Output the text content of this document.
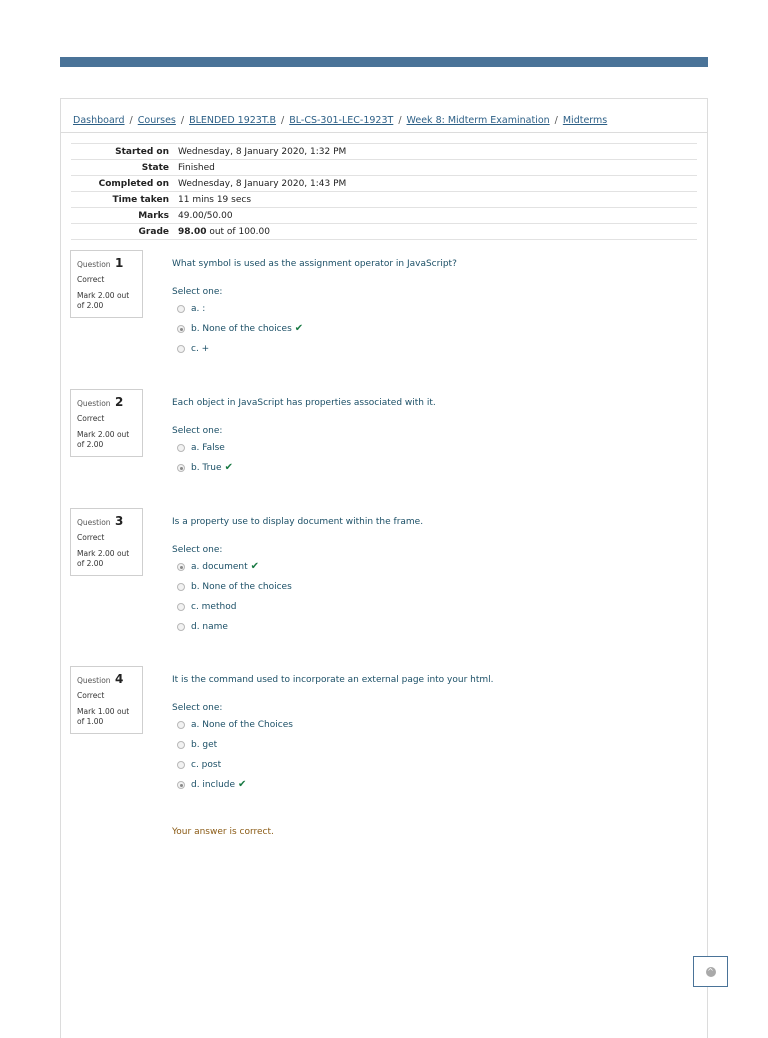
Dashboard / Courses / BLENDED 1923T.B / BL-CS-301-LEC-1923T / Week 8: Midterm Examination / Midterms
Started on	Wednesday, 8 January 2020, 1:32 PM
State	Finished
Completed on	Wednesday, 8 January 2020, 1:43 PM
Time taken	11 mins 19 secs
Marks	49.00/50.00
Grade	98.00 out of 100.00
Question 1
Correct
Mark 2.00 out of 2.00
What symbol is used as the assignment operator in JavaScript?
Select one:
a. :
b. None of the choices ✔
c. +
Question 2
Correct
Mark 2.00 out of 2.00
Each object in JavaScript has properties associated with it.
Select one:
a. False
b. True ✔
Question 3
Correct
Mark 2.00 out of 2.00
Is a property use to display document within the frame.
Select one:
a. document ✔
b. None of the choices
c. method
d. name
Question 4
Correct
Mark 1.00 out of 1.00
It is the command used to incorporate an external page into your html.
Select one:
a. None of the Choices
b. get
c. post
d. include ✔
Your answer is correct.
^
